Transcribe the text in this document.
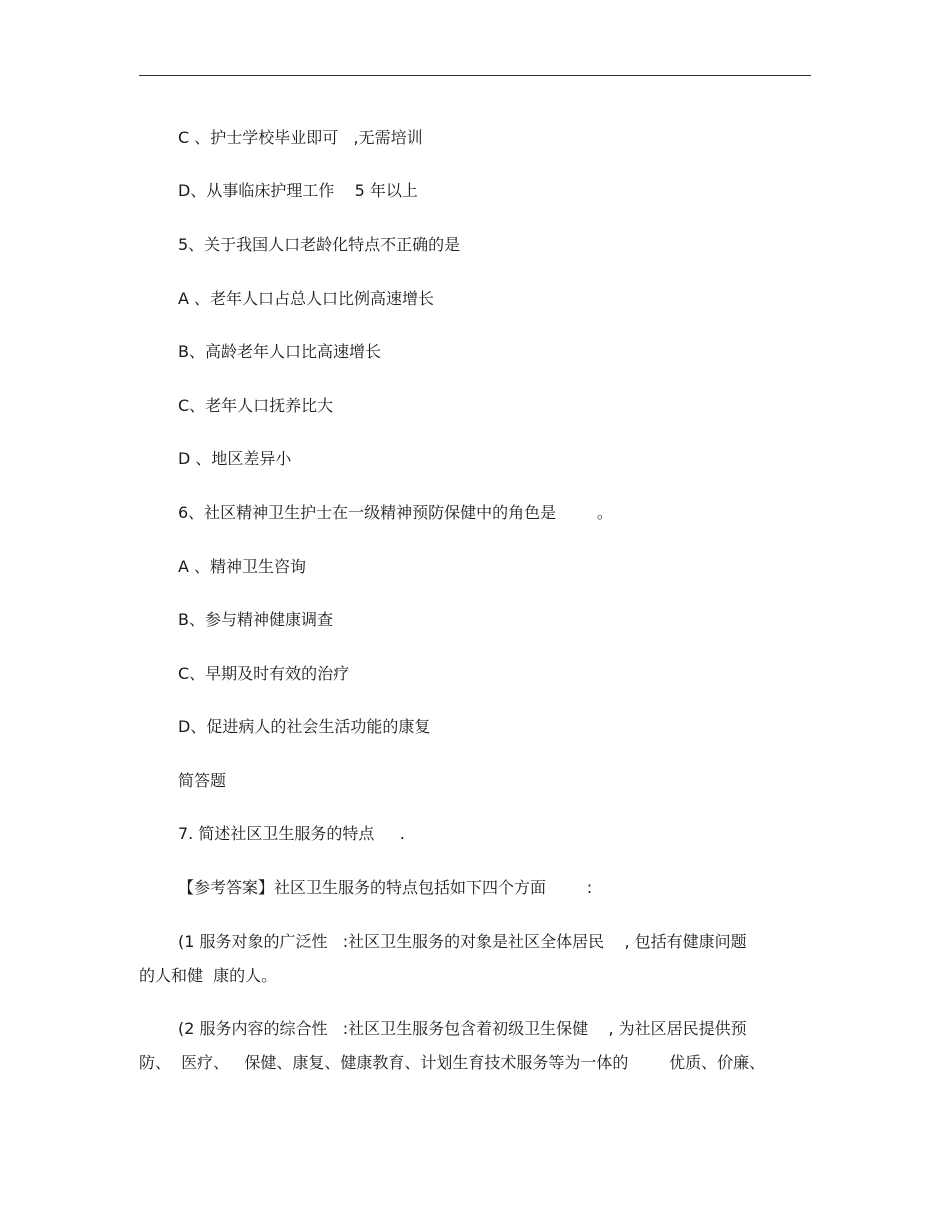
C 、护士学校毕业即可   ,无需培训
D、从事临床护理工作    5 年以上
5、关于我国人口老龄化特点不正确的是
A 、老年人口占总人口比例高速增长
B、高龄老年人口比高速增长
C、老年人口抚养比大
D 、地区差异小
6、社区精神卫生护士在一级精神预防保健中的角色是        。
A 、精神卫生咨询
B、参与精神健康调查
C、早期及时有效的治疗
D、促进病人的社会生活功能的康复
简答题
7. 简述社区卫生服务的特点     .
【参考答案】社区卫生服务的特点包括如下四个方面        :
(1 服务对象的广泛性   :社区卫生服务的对象是社区全体居民    , 包括有健康问题
的人和健  康的人。
(2 服务内容的综合性   :社区卫生服务包含着初级卫生保健    , 为社区居民提供预
防、  医疗、   保健、康复、健康教育、计划生育技术服务等为一体的        优质、价廉、
